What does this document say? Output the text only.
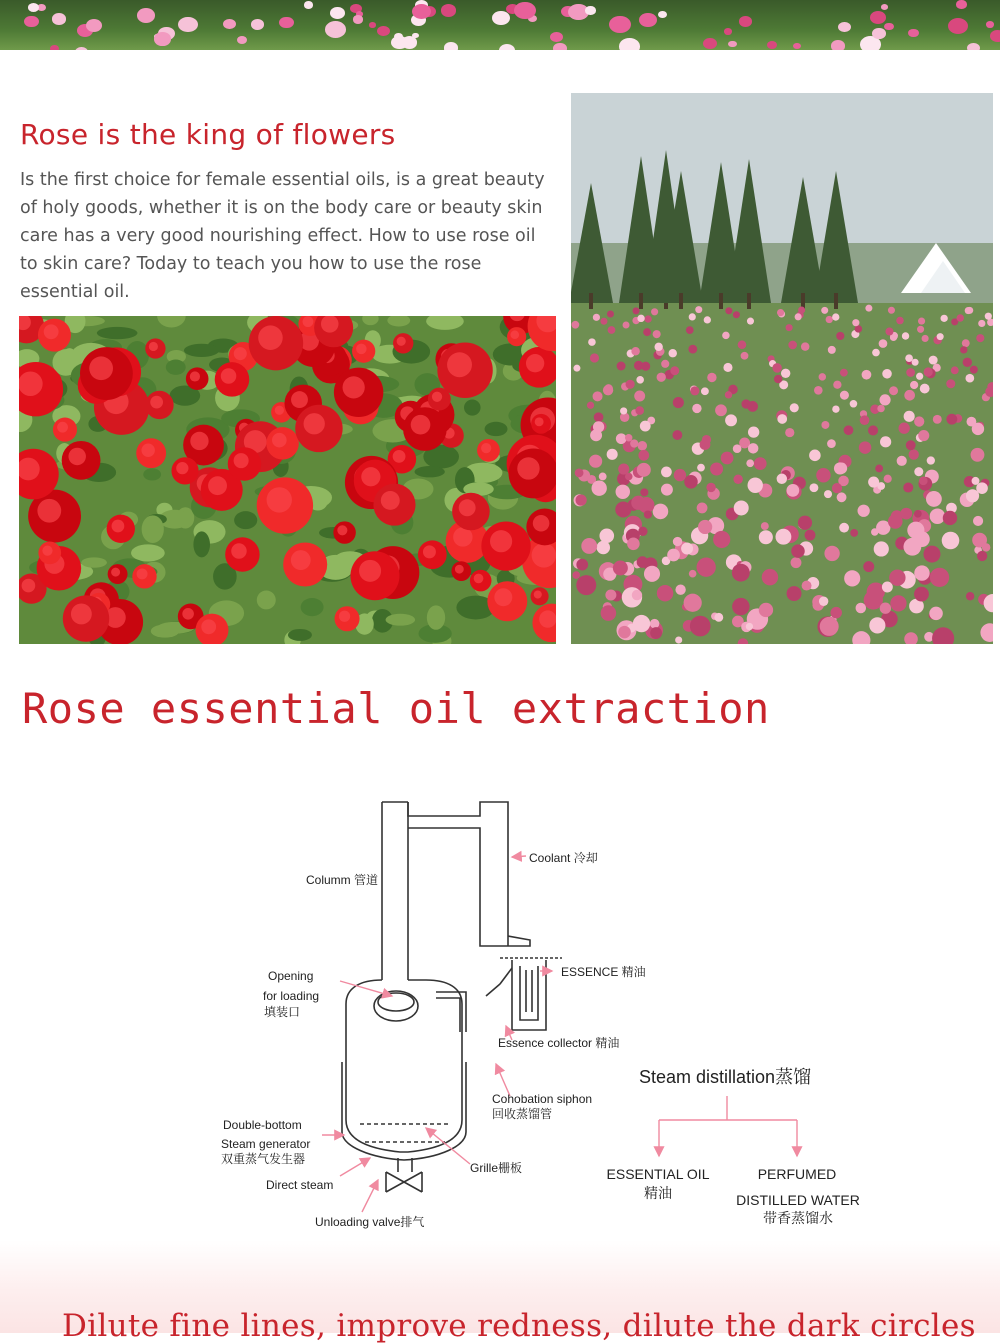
Rose is the king of flowers

Is the first choice for female essential oils, is a great beauty of holy goods, whether it is on the body care or beauty skin care has a very good nourishing effect. How to use rose oil to skin care? Today to teach you how to use the rose essential oil.

Rose essential oil extraction
Columm 管道
Coolant 冷却
Opening
for loading
填装口
ESSENCE 精油
Essence collector 精油
Cohobation siphon
回收蒸馏管
Double-bottom
Steam generator
双重蒸气发生器
Grille栅板
Direct steam
Unloading valve排气
Steam distillation蒸馏
ESSENTIAL OIL
精油
PERFUMED
DISTILLED WATER
带香蒸馏水
Dilute fine lines, improve redness, dilute the dark circles
